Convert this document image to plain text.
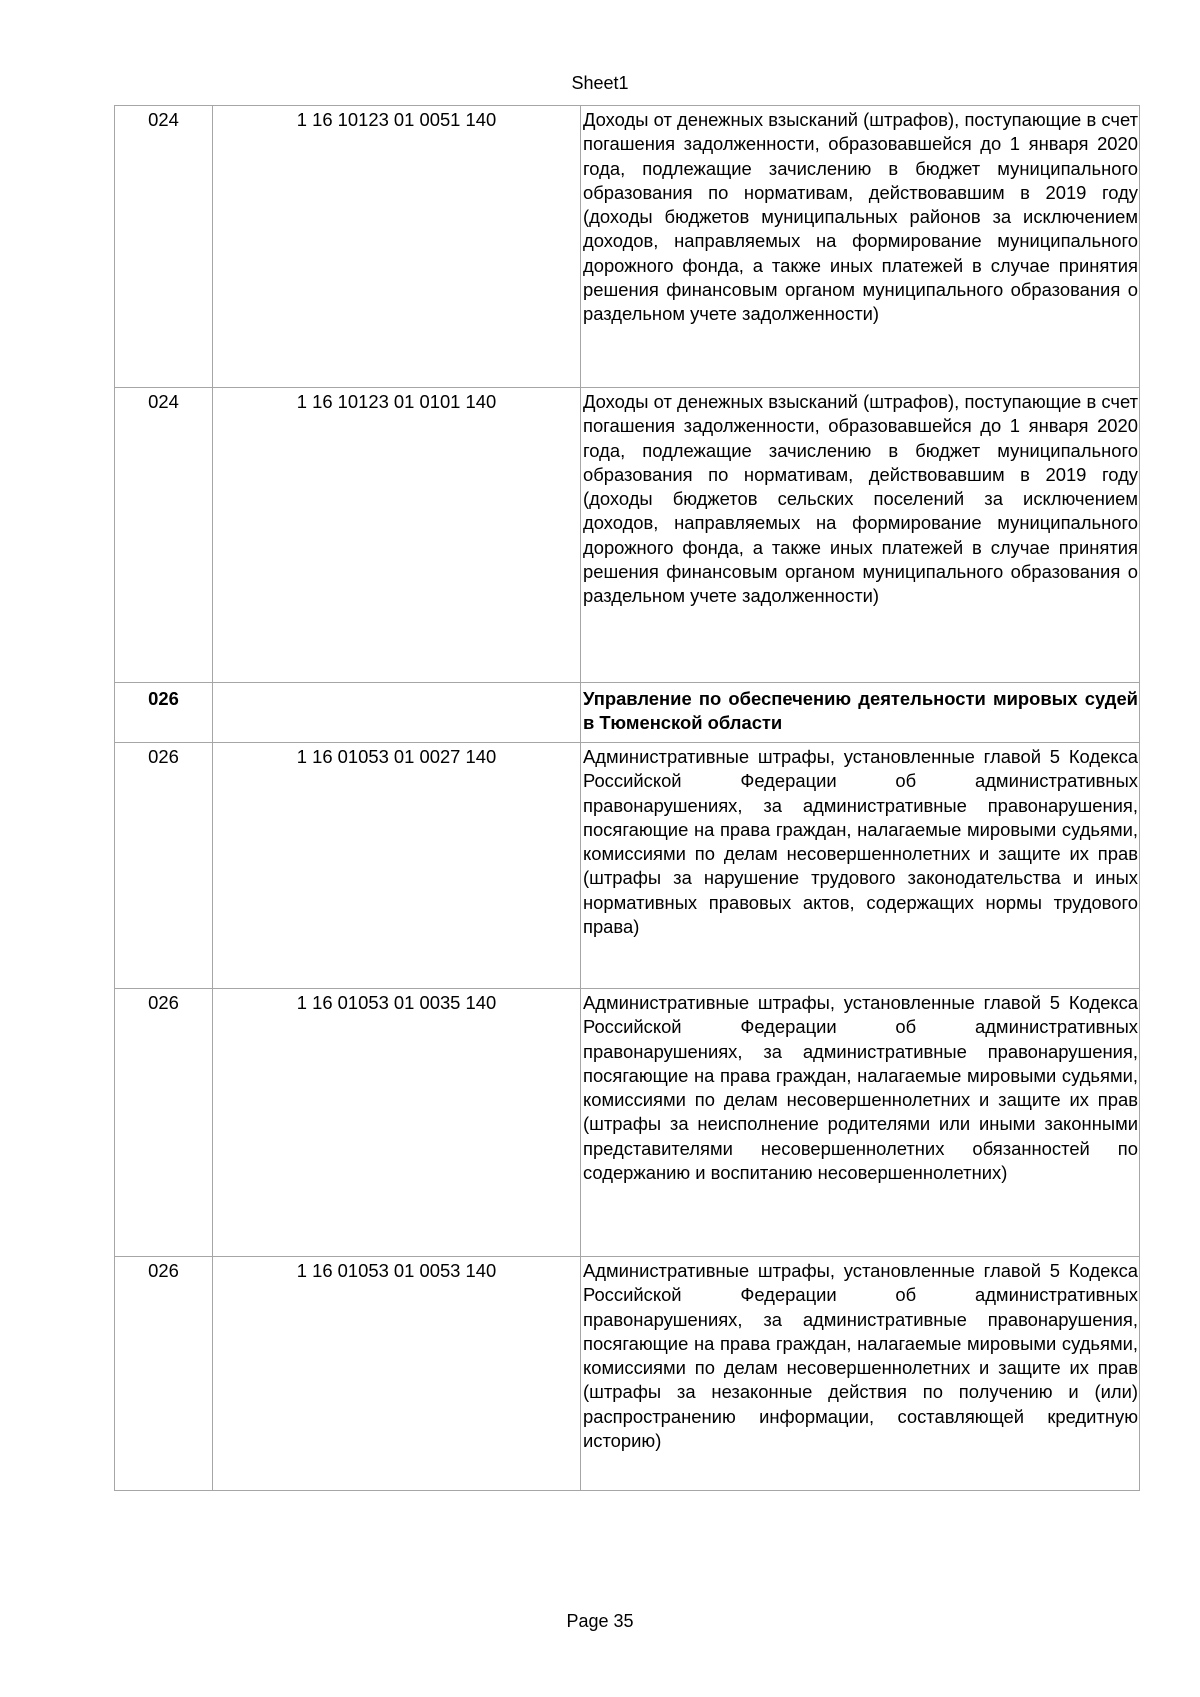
Sheet1
024	1 16 10123 01 0051 140	Доходы от денежных взысканий (штрафов), поступающие в счет погашения задолженности, образовавшейся до 1 января 2020 года, подлежащие зачислению в бюджет муниципального образования по нормативам, действовавшим в 2019 году (доходы бюджетов муниципальных районов за исключением доходов, направляемых на формирование муниципального дорожного фонда, а также иных платежей в случае принятия решения финансовым органом муниципального образования о раздельном учете задолженности)
024	1 16 10123 01 0101 140	Доходы от денежных взысканий (штрафов), поступающие в счет погашения задолженности, образовавшейся до 1 января 2020 года, подлежащие зачислению в бюджет муниципального образования по нормативам, действовавшим в 2019 году (доходы бюджетов сельских поселений за исключением доходов, направляемых на формирование муниципального дорожного фонда, а также иных платежей в случае принятия решения финансовым органом муниципального образования о раздельном учете задолженности)
026		Управление по обеспечению деятельности мировых судей в Тюменской области
026	1 16 01053 01 0027 140	Административные штрафы, установленные главой 5 Кодекса Российской Федерации об административных правонарушениях, за административные правонарушения, посягающие на права граждан, налагаемые мировыми судьями, комиссиями по делам несовершеннолетних и защите их прав (штрафы за нарушение трудового законодательства и иных нормативных правовых актов, содержащих нормы трудового права)
026	1 16 01053 01 0035 140	Административные штрафы, установленные главой 5 Кодекса Российской Федерации об административных правонарушениях, за административные правонарушения, посягающие на права граждан, налагаемые мировыми судьями, комиссиями по делам несовершеннолетних и защите их прав (штрафы за неисполнение родителями или иными законными представителями несовершеннолетних обязанностей по содержанию и воспитанию несовершеннолетних)
026	1 16 01053 01 0053 140	Административные штрафы, установленные главой 5 Кодекса Российской Федерации об административных правонарушениях, за административные правонарушения, посягающие на права граждан, налагаемые мировыми судьями, комиссиями по делам несовершеннолетних и защите их прав (штрафы за незаконные действия по получению и (или) распространению информации, составляющей кредитную историю)
Page 35
